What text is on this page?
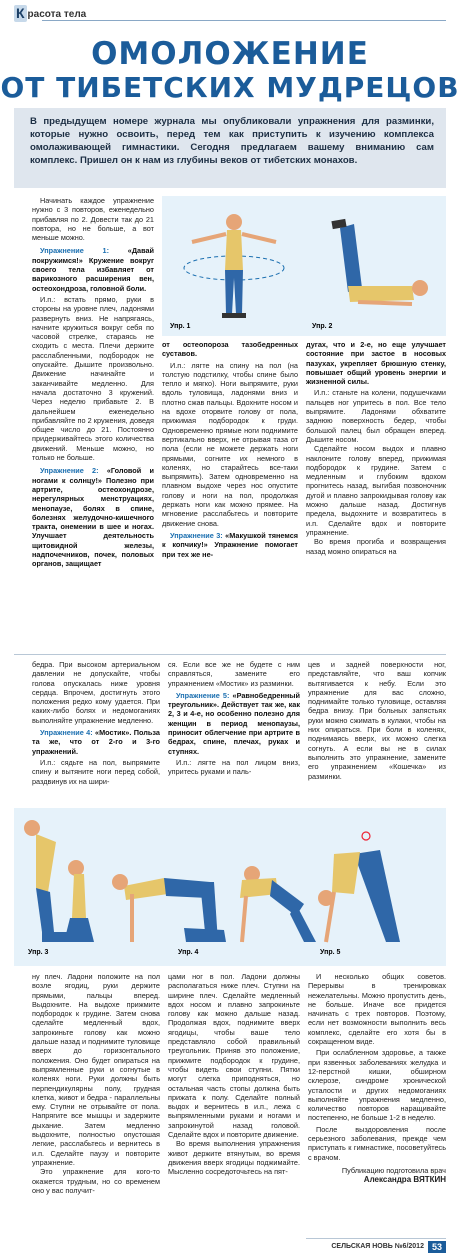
К расота тела
ОМОЛОЖЕНИЕ
ОТ ТИБЕТСКИХ МУДРЕЦОВ

В предыдущем номере журнала мы опубликовали упражнения для разминки, которые нужно освоить, перед тем как приступить к изучению комплекса омолаживающей гимнастики. Сегодня предлагаем вашему вниманию сам комплекс. Пришел он к нам из глубины веков от тибетских монахов.

Начинать каждое упражнение нужно с 3 повторов, еженедельно прибавляя по 2. Довести так до 21 повтора, но не больше, а вот меньше можно.

Упражнение 1:	«Давай покружимся!» Кружение вокруг своего тела избавляет от варикозного расширения вен, остеохондроза, головной боли.

И.п.: встать прямо, руки в стороны на уровне плеч, ладонями развернуть вниз. Не напрягаясь, начните кружиться вокруг себя по часовой стрелке, стараясь не сходить с места. Плечи держите расслабленными, подбородок не опускайте. Дышите произвольно. Движение начинайте и заканчивайте медленно. Для начала достаточно 3 кружений. Через неделю прибавьте 2. В дальнейшем еженедельно прибавляйте по 2 кружения, доведя общее число до 21. Постоянно придерживайтесь этого количества движений. Меньше можно, но только не больше.

Упражнение 2: «Головой и ногами к солнцу!» Полезно при артрите, остеохондрозе, нерегулярных менструациях, менопаузе, болях в спине, болезнях желудочно-кишечного тракта, онемении в шее и ногах. Улучшает деятельность щитовидной железы, надпочечников, почек, половых органов, защищает

Упр. 1	Упр. 2

от остеопороза тазобедренных суставов.

И.п.: лягте на спину на пол (на толстую подстилку, чтобы спине было тепло и мягко). Ноги выпрямите, руки вдоль туловища, ладонями вниз и плотно сжав пальцы. Вдохните носом и на вдохе оторвите голову от пола, прижимая подбородок к груди. Одновременно прямые ноги поднимите вертикально вверх, не отрывая таза от пола (если не можете держать ноги прямыми, согните их немного в коленях, но старайтесь все-таки выпрямить). Затем одновременно на плавном выдохе через нос опустите голову и ноги на пол, продолжая держать ноги как можно прямее. На мгновение расслабьтесь и повторите движение снова.

Упражнение 3: «Макушкой тянемся к копчику!» Упражнение помогает при тех же не-

дугах, что и 2-е, но еще улучшает состояние при застое в носовых пазухах, укрепляет брюшную стенку, повышает общий уровень энергии и жизненной силы.

И.п.: станьте на колени, подушечками пальцев ног упритесь в пол. Все тело выпрямите. Ладонями обхватите заднюю поверхность бедер, чтобы большой палец был обращен вперед. Дышите носом.

Сделайте носом выдох и плавно наклоните голову вперед, прижимая подбородок к грудине. Затем с медленным и глубоким вдохом прогнитесь назад, выгибая позвоночник дугой и плавно запрокидывая голову как можно дальше назад. Достигнув предела, выдохните и возвратитесь в и.п. Сделайте вдох и повторите упражнение.

Во время прогиба и возвращения назад можно опираться на

бедра. При высоком артериальном давлении не допускайте, чтобы голова опускалась ниже уровня сердца. Впрочем, достигнуть этого положения редко кому удается. При каких-либо болях и недомоганиях выполняйте упражнение медленно.

Упражнение 4: «Мостик». Польза та же, что от 2-го и 3-го упражнений.

И.п.: сядьте на пол, выпрямите спину и вытяните ноги перед собой, раздвинув их на шири-

ся. Если все же не будете с ним справляться, замените его упражнением «Мостик» из разминки.

Упражнение 5: «Равнобедренный треугольник». Действует так же, как 2, 3 и 4-е, но особенно полезно для женщин в период менопаузы, приносит облегчение при артрите в бедрах, спине, плечах, руках и ступнях.

И.п.: лягте на пол лицом вниз, упритесь руками и паль-

цев и задней поверхности ног, представляйте, что ваш копчик вытягивается к небу. Если это упражнение для вас сложно, поднимайте только туловище, оставляя бедра внизу. При больных запястьях руки можно сжимать в кулаки, чтобы на них опираться. При боли в коленях, поднимаясь вверх, их можно слегка согнуть. А если вы не в силах выполнить это упражнение, замените его упражнением «Кошечка» из разминки.

Упр. 3	Упр. 4	Упр. 5

ну плеч. Ладони положите на пол возле ягодиц, руки держите прямыми, пальцы вперед. Выдохните. На выдохе прижмите подбородок к грудине. Затем снова сделайте медленный вдох, запрокиньте голову как можно дальше назад и поднимите туловище вверх до горизонтального положения. Оно будет опираться на выпрямленные руки и согнутые в коленях ноги. Руки должны быть перпендикулярны полу, грудная клетка, живот и бедра - параллельны ему. Ступни не отрывайте от пола. Напрягите все мышцы и задержите дыхание. Затем медленно выдохните, полностью опустошая легкие, расслабьтесь и вернитесь в и.п. Сделайте паузу и повторите упражнение.

Это упражнение для кого-то окажется трудным, но со временем оно у вас получит-

цами ног в пол. Ладони должны располагаться ниже плеч. Ступни на ширине плеч. Сделайте медленный вдох носом и плавно запрокиньте голову как можно дальше назад. Продолжая вдох, поднимите вверх ягодицы, чтобы ваше тело представляло собой правильный треугольник. Приняв это положение, прижмите подбородок к грудине, чтобы видеть свои ступни. Пятки могут слегка приподняться, но остальная часть стопы должна быть прижата к полу. Сделайте полный выдох и вернитесь в и.п., лежа с выпрямленными руками и ногами и запрокинутой назад головой. Сделайте вдох и повторите движение.

Во время выполнения упражнения живот держите втянутым, во время движения вверх ягодицы поджимайте. Мысленно сосредоточьтесь на пят-

И несколько общих советов. Перерывы в тренировках нежелательны. Можно пропустить день, не больше. Иначе все придется начинать с трех повторов. Поэтому, если нет возможности выполнить весь комплекс, сделайте его хотя бы в сокращенном виде.

При ослабленном здоровье, а также при язвенных заболеваниях желудка и 12-перстной кишки, обширном склерозе, синдроме хронической усталости и других недомоганиях выполняйте упражнения медленно, количество повторов наращивайте постепенно, не больше 1-2 в неделю.

После выздоровления после серьезного заболевания, прежде чем приступать к гимнастике, посоветуйтесь с врачом.

Публикацию подготовила врач

Александра ВЯТКИН

СЕЛЬСКАЯ НОВЬ №6/2012 53
